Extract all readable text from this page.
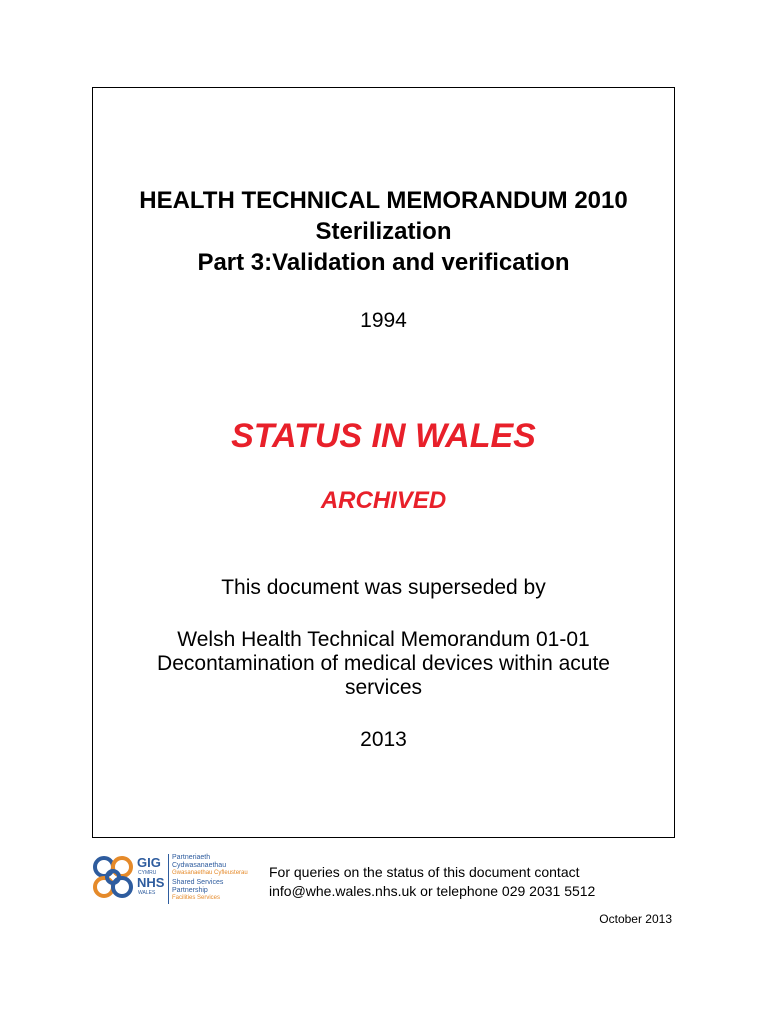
HEALTH TECHNICAL MEMORANDUM 2010
Sterilization
Part 3:Validation and verification
1994
STATUS IN WALES
ARCHIVED
This document was superseded by
Welsh Health Technical Memorandum 01-01
Decontamination of medical devices within acute
services
2013
GIG
CYMRU
NHS
WALES
Partneriaeth
Cydwasanaethau
Gwasanaethau Cyfleusterau
Shared Services
Partnership
Facilities Services
For queries on the status of this document contact
info@whe.wales.nhs.uk or telephone 029 2031 5512
October 2013
